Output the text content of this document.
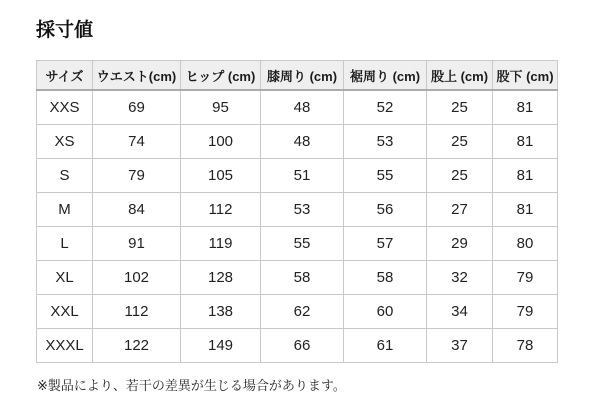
採寸値
サイズ	ウエスト(cm)	ヒップ (cm)	膝周り (cm)	裾周り (cm)	股上 (cm)	股下 (cm)
XXS	69	95	48	52	25	81
XS	74	100	48	53	25	81
S	79	105	51	55	25	81
M	84	112	53	56	27	81
L	91	119	55	57	29	80
XL	102	128	58	58	32	79
XXL	112	138	62	60	34	79
XXXL	122	149	66	61	37	78

※製品により、若干の差異が生じる場合があります。
